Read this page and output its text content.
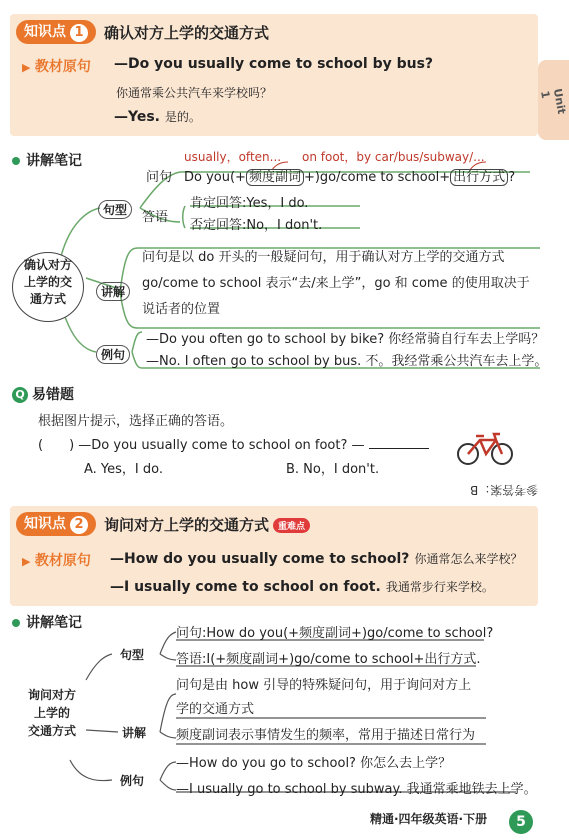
知识点 1	确认对方上学的交通方式
▶ 教材原句 —Do you usually come to school by bus?
你通常乘公共汽车来学校吗？
—Yes. 是的。
Unit 1
讲解笔记
确认对方
上学的交
通方式
句型
问句
usually，often... on foot，by car/bus/subway/...
Do you(+ 频度副词 +)go/come to school+ 出行方式 ?
答语
肯定回答:Yes，I do.
否定回答:No，I don't.
讲解
问句是以 do 开头的一般疑问句，用于确认对方上学的交通方式
go/come to school 表示“去/来上学”，go 和 come 的使用取决于
说话者的位置
例句
—Do you often go to school by bike? 你经常骑自行车去上学吗？
—No. I often go to school by bus. 不。我经常乘公共汽车去上学。
Q 易错题
根据图片提示，选择正确的答语。
(　　) —Do you usually come to school on foot? —
A. Yes，I do.	B. No，I don't.
参考答案：B
知识点 2	询问对方上学的交通方式 重难点
▶ 教材原句 —How do you usually come to school? 你通常怎么来学校？
—I usually come to school on foot. 我通常步行来学校。
讲解笔记
询问对方
上学的
交通方式
句型
问句:How do you(+频度副词+)go/come to school?
答语:I(+频度副词+)go/come to school+出行方式.
讲解
问句是由 how 引导的特殊疑问句，用于询问对方上
学的交通方式
频度副词表示事情发生的频率，常用于描述日常行为
例句
—How do you go to school? 你怎么去上学？
—I usually go to school by subway. 我通常乘地铁去上学。
精通·四年级英语·下册	5
